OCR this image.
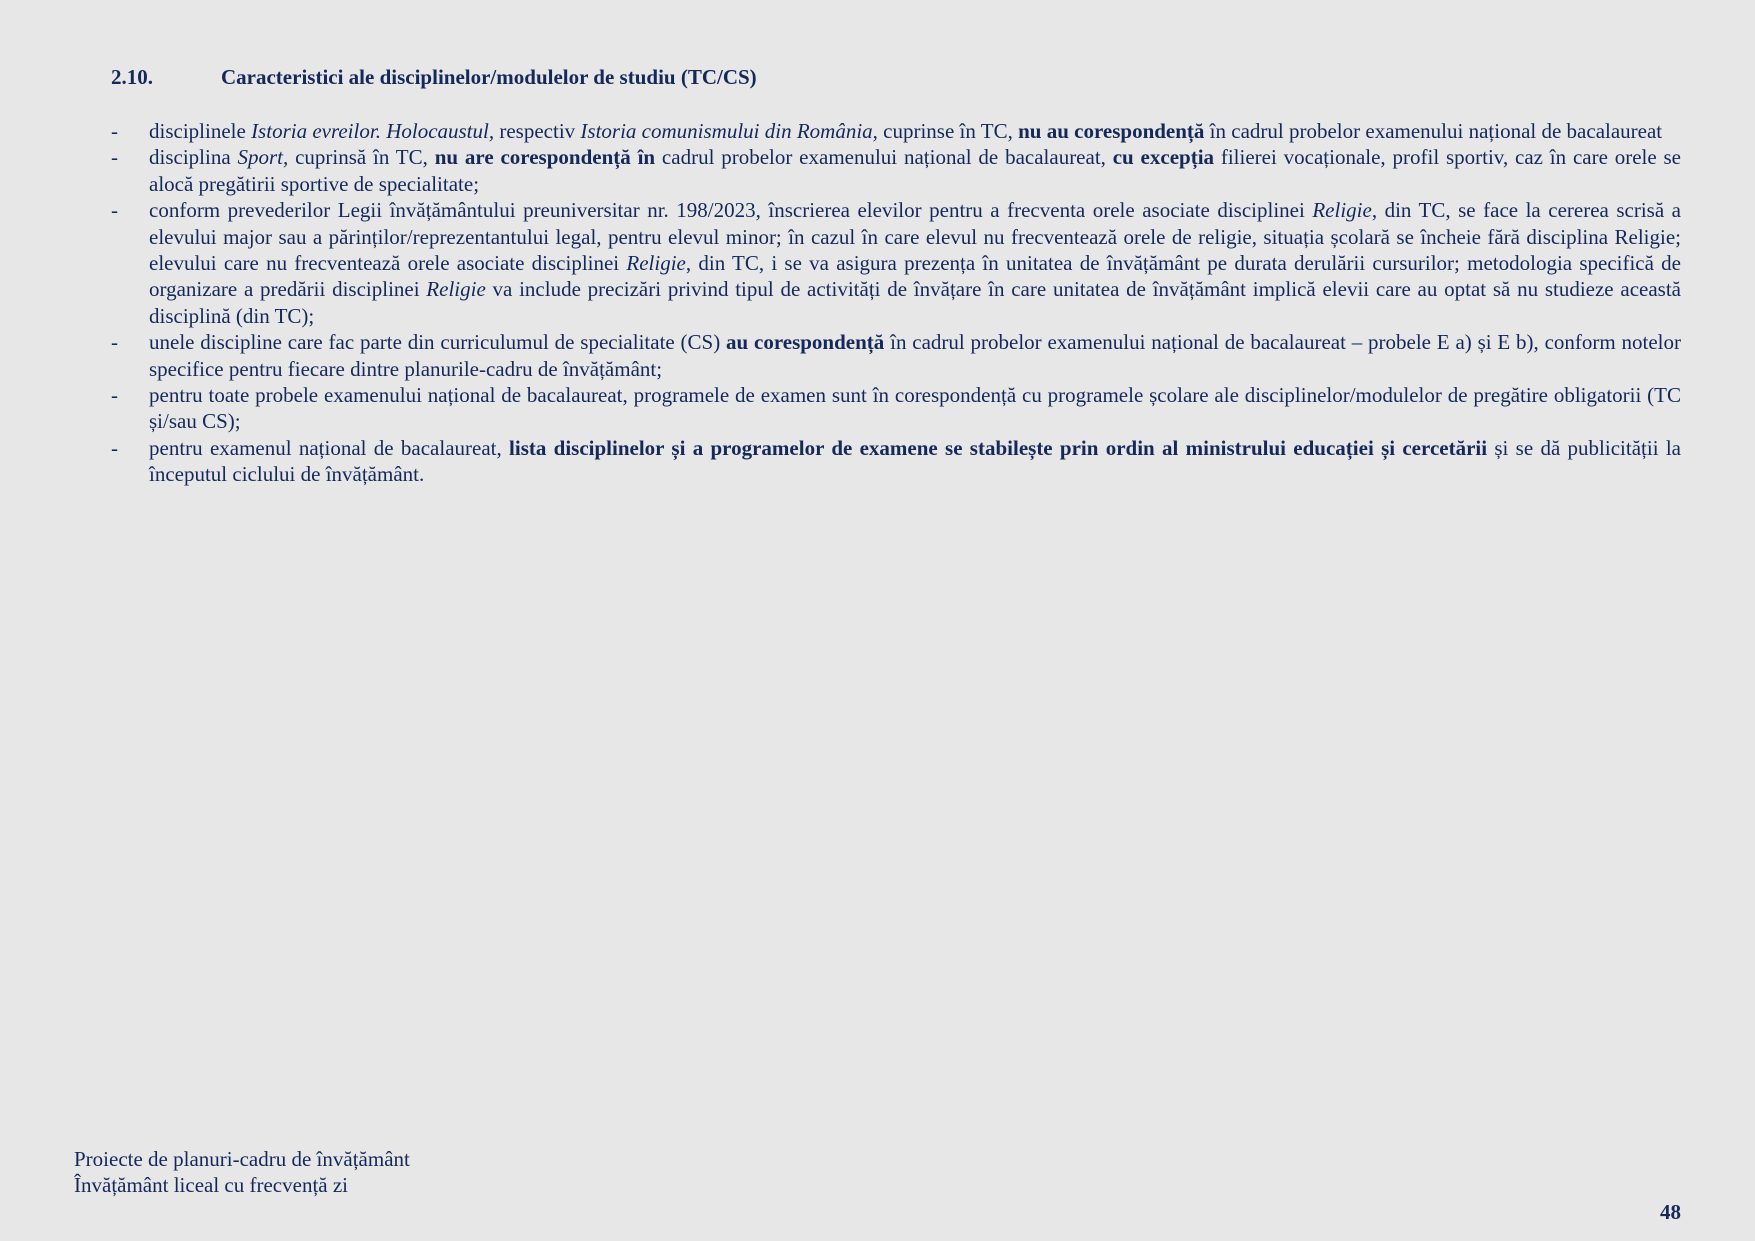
2.10.	Caracteristici ale disciplinelor/modulelor de studiu (TC/CS)
-	disciplinele Istoria evreilor. Holocaustul, respectiv Istoria comunismului din România, cuprinse în TC, nu au corespondență în cadrul probelor examenului național de bacalaureat
-	disciplina Sport, cuprinsă în TC, nu are corespondență în cadrul probelor examenului național de bacalaureat, cu excepția filierei vocaționale, profil sportiv, caz în care orele se alocă pregătirii sportive de specialitate;
-	conform prevederilor Legii învățământului preuniversitar nr. 198/2023, înscrierea elevilor pentru a frecventa orele asociate disciplinei Religie, din TC, se face la cererea scrisă a elevului major sau a părinților/reprezentantului legal, pentru elevul minor; în cazul în care elevul nu frecventează orele de religie, situația școlară se încheie fără disciplina Religie; elevului care nu frecventează orele asociate disciplinei Religie, din TC, i se va asigura prezența în unitatea de învățământ pe durata derulării cursurilor; metodologia specifică de organizare a predării disciplinei Religie va include precizări privind tipul de activități de învățare în care unitatea de învățământ implică elevii care au optat să nu studieze această disciplină (din TC);
-	unele discipline care fac parte din curriculumul de specialitate (CS) au corespondență în cadrul probelor examenului național de bacalaureat – probele E a) și E b), conform notelor specifice pentru fiecare dintre planurile-cadru de învățământ;
-	pentru toate probele examenului național de bacalaureat, programele de examen sunt în corespondență cu programele școlare ale disciplinelor/modulelor de pregătire obligatorii (TC și/sau CS);
-	pentru examenul național de bacalaureat, lista disciplinelor și a programelor de examene se stabilește prin ordin al ministrului educației și cercetării și se dă publicității la începutul ciclului de învățământ.
Proiecte de planuri-cadru de învățământ
Învățământ liceal cu frecvență zi
48
